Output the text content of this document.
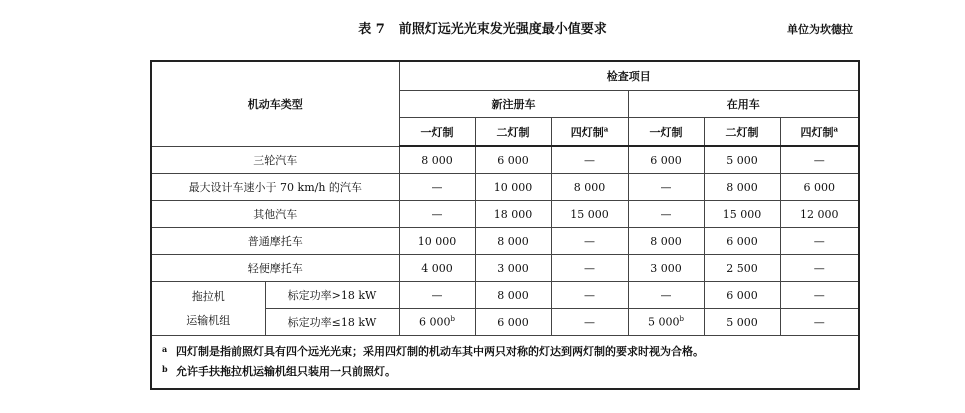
表 7 前照灯远光光束发光强度最小值要求	单位为坎德拉
机动车类型		检查项目					
		新注册车			在用车		
		一灯制	二灯制	四灯制$^a$	一灯制	二灯制	四灯制$^a$
三轮汽车		8 000	6 000	—	6 000	5 000	—
最大设计车速小于 70 km/h 的汽车		—	10 000	8 000	—	8 000	6 000
其他汽车		—	18 000	15 000	—	15 000	12 000
普通摩托车		10 000	8 000	—	8 000	6 000	—
轻便摩托车		4 000	3 000	—	3 000	2 500	—

拖拉机
运输机组	标定功率>18 kW	—	8 000	—	—	6 000	—
	标定功率≤18 kW	6 000$^b$	6 000	—	5 000$^b$	5 000	—

a 四灯制是指前照灯具有四个远光光束；采用四灯制的机动车其中两只对称的灯达到两灯制的要求时视为合格。
b 允许手扶拖拉机运输机组只装用一只前照灯。							
